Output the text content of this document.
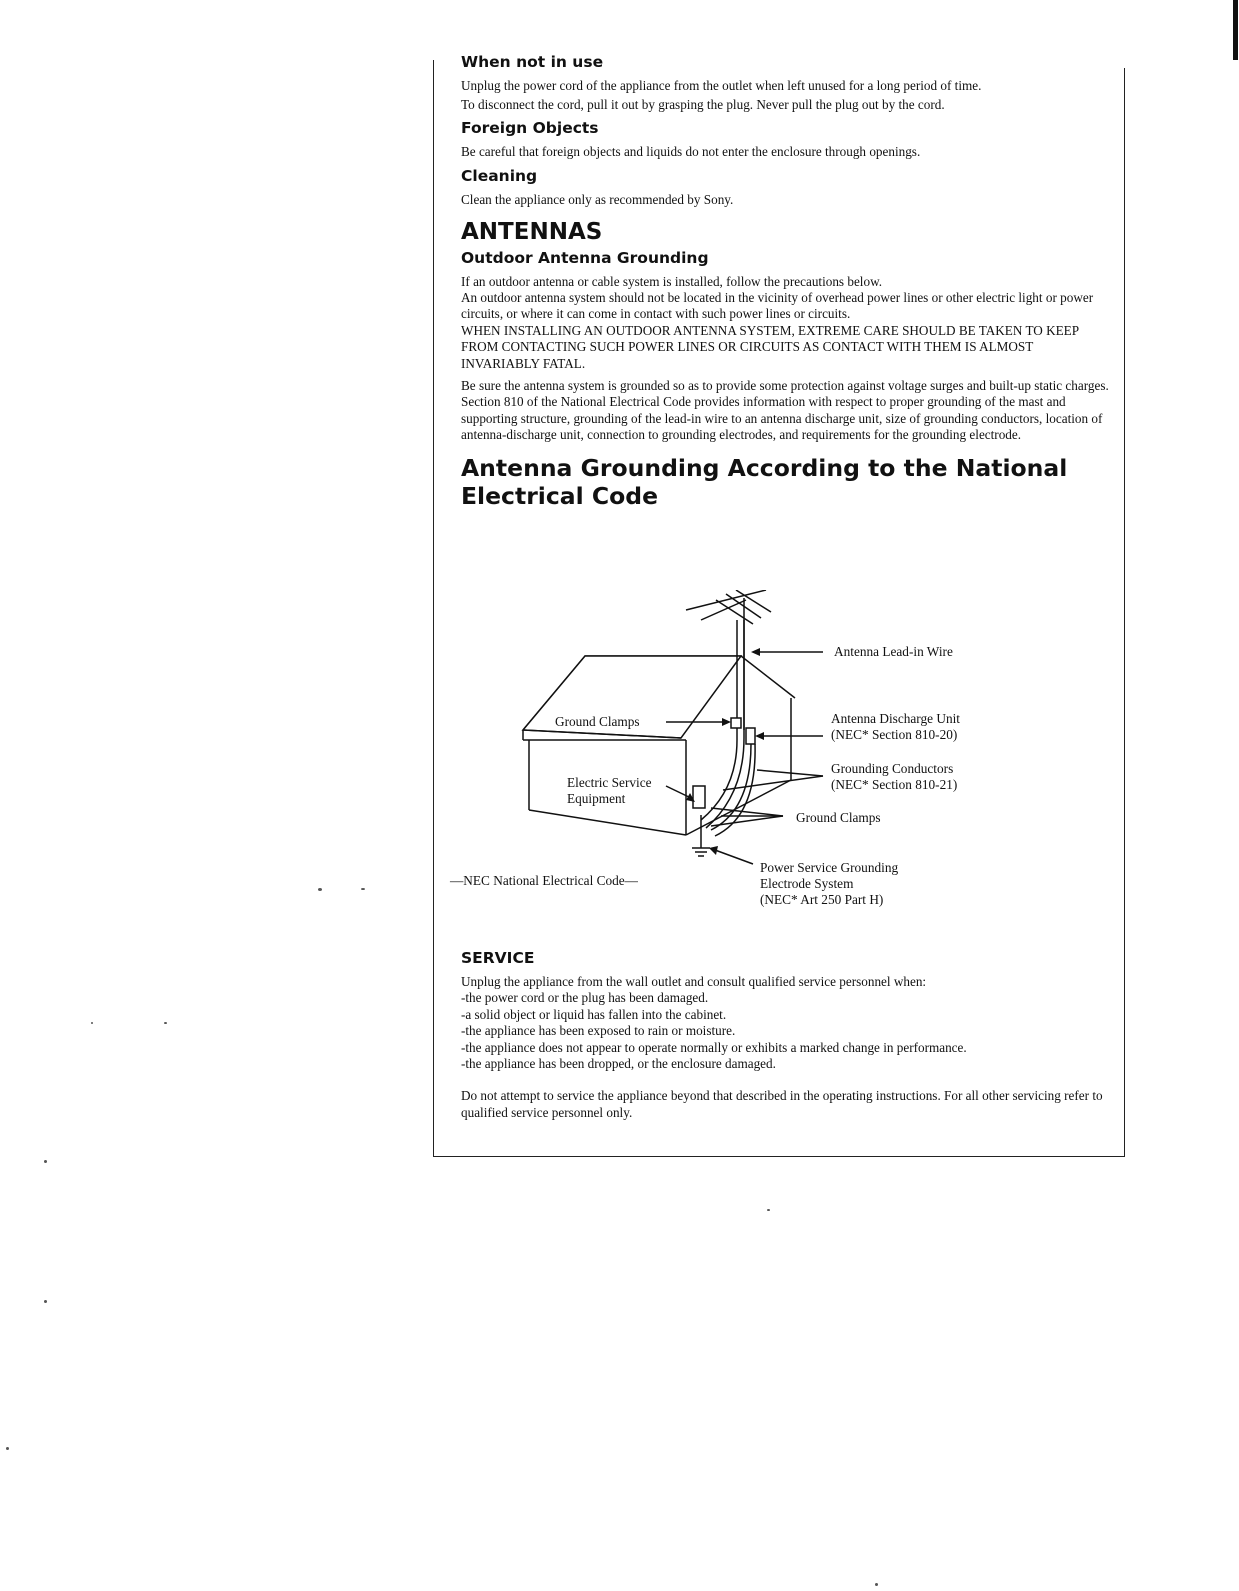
When not in use

Unplug the power cord of the appliance from the outlet when left unused for a long period of time.

To disconnect the cord, pull it out by grasping the plug. Never pull the plug out by the cord.

Foreign Objects

Be careful that foreign objects and liquids do not enter the enclosure through openings.

Cleaning

Clean the appliance only as recommended by Sony.

ANTENNAS
Outdoor Antenna Grounding

If an outdoor antenna or cable system is installed, follow the precautions below.

An outdoor antenna system should not be located in the vicinity of overhead power lines or other electric light or power circuits, or where it can come in contact with such power lines or circuits.

WHEN INSTALLING AN OUTDOOR ANTENNA SYSTEM, EXTREME CARE SHOULD BE TAKEN TO KEEP FROM CONTACTING SUCH POWER LINES OR CIRCUITS AS CONTACT WITH THEM IS ALMOST INVARIABLY FATAL.

Be sure the antenna system is grounded so as to provide some protection against voltage surges and built-up static charges. Section 810 of the National Electrical Code provides information with respect to proper grounding of the mast and supporting structure, grounding of the lead-in wire to an antenna discharge unit, size of grounding conductors, location of antenna-discharge unit, connection to grounding electrodes, and requirements for the grounding electrode.

Antenna Grounding According to the National Electrical Code
Antenna Lead-in Wire
Ground Clamps	Antenna Discharge Unit
(NEC* Section 810-20)
Grounding Conductors
(NEC* Section 810-21)
Electric Service
Equipment
Ground Clamps
—NEC National Electrical Code—
Power Service Grounding
Electrode System
(NEC* Art 250 Part H)
SERVICE

Unplug the appliance from the wall outlet and consult qualified service personnel when:

-the power cord or the plug has been damaged.

-a solid object or liquid has fallen into the cabinet.

-the appliance has been exposed to rain or moisture.

-the appliance does not appear to operate normally or exhibits a marked change in performance.

-the appliance has been dropped, or the enclosure damaged.

Do not attempt to service the appliance beyond that described in the operating instructions. For all other servicing refer to qualified service personnel only.
